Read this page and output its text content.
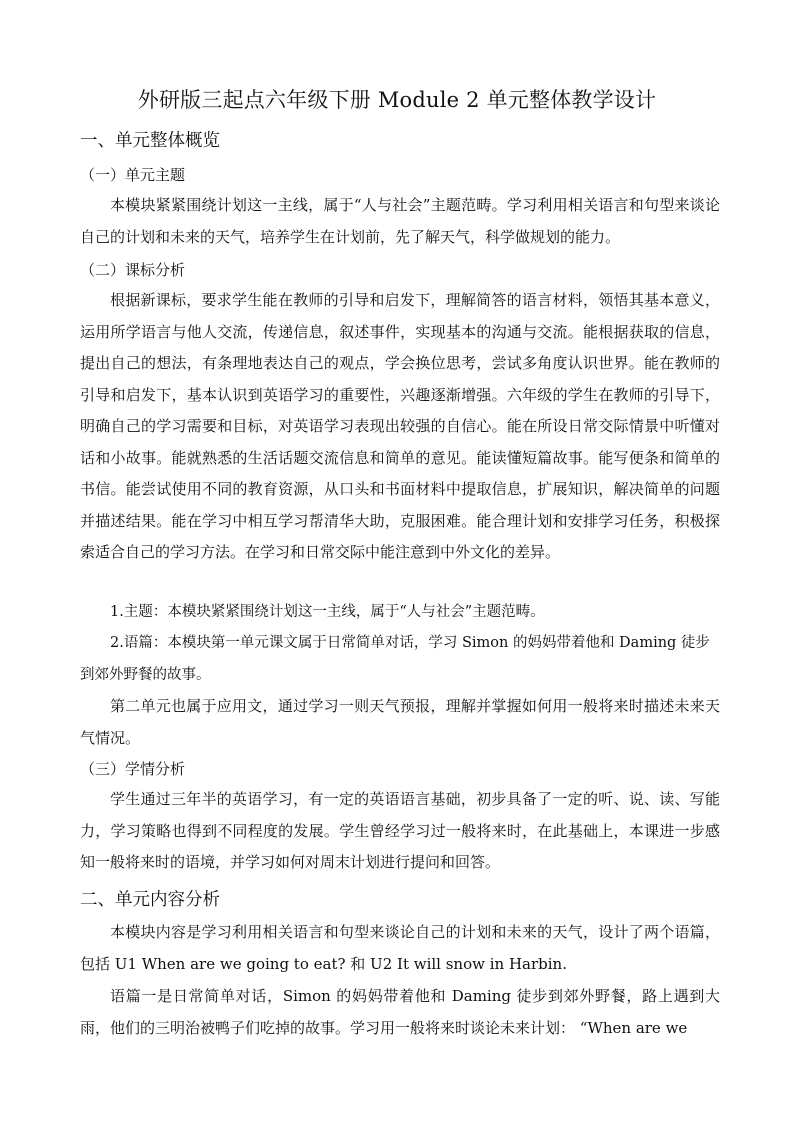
外研版三起点六年级下册 Module 2 单元整体教学设计
一、单元整体概览
（一）单元主题

本模块紧紧围绕计划这一主线，属于“人与社会”主题范畴。学习利用相关语言和句型来谈论自己的计划和未来的天气，培养学生在计划前，先了解天气，科学做规划的能力。

（二）课标分析

根据新课标，要求学生能在教师的引导和启发下，理解简答的语言材料，领悟其基本意义，运用所学语言与他人交流，传递信息，叙述事件，实现基本的沟通与交流。能根据获取的信息，提出自己的想法，有条理地表达自己的观点，学会换位思考，尝试多角度认识世界。能在教师的引导和启发下，基本认识到英语学习的重要性，兴趣逐渐增强。六年级的学生在教师的引导下，明确自己的学习需要和目标，对英语学习表现出较强的自信心。能在所设日常交际情景中听懂对话和小故事。能就熟悉的生活话题交流信息和简单的意见。能读懂短篇故事。能写便条和简单的书信。能尝试使用不同的教育资源，从口头和书面材料中提取信息，扩展知识，解决简单的问题并描述结果。能在学习中相互学习帮清华大助，克服困难。能合理计划和安排学习任务，积极探索适合自己的学习方法。在学习和日常交际中能注意到中外文化的差异。

1.主题：本模块紧紧围绕计划这一主线，属于“人与社会”主题范畴。

2.语篇：本模块第一单元课文属于日常简单对话，学习 Simon 的妈妈带着他和 Daming 徒步到郊外野餐的故事。

第二单元也属于应用文，通过学习一则天气预报，理解并掌握如何用一般将来时描述未来天气情况。

（三）学情分析

学生通过三年半的英语学习，有一定的英语语言基础，初步具备了一定的听、说、读、写能力，学习策略也得到不同程度的发展。学生曾经学习过一般将来时，在此基础上，本课进一步感知一般将来时的语境，并学习如何对周末计划进行提问和回答。

二、单元内容分析

本模块内容是学习利用相关语言和句型来谈论自己的计划和未来的天气，设计了两个语篇，包括 U1 When are we going to eat? 和 U2 It will snow in Harbin.

语篇一是日常简单对话，Simon 的妈妈带着他和 Daming 徒步到郊外野餐，路上遇到大雨，他们的三明治被鸭子们吃掉的故事。学习用一般将来时谈论未来计划： “When are we
